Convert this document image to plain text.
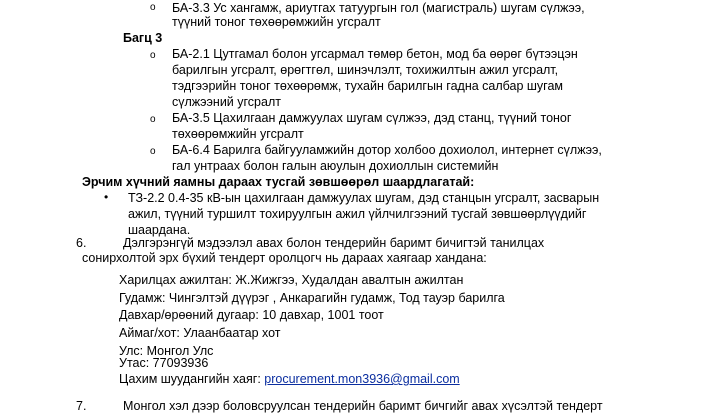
o БА-3.3 Ус хангамж, ариутгах татуургын гол (магистраль) шугам сүлжээ,
түүний тоног төхөөрөмжийн угсралт
Багц 3
o БА-2.1 Цутгамал болон угсармал төмөр бетон, мод ба өөрөг бүтээцэн
барилгын угсралт, өрөгтгөл, шинэчлэлт, тохижилтын ажил угсралт,
тэдгээрийн тоног төхөөрөмж, тухайн барилгын гадна салбар шугам
сүлжээний угсралт
o БА-3.5 Цахилгаан дамжуулах шугам сүлжээ, дэд станц, түүний тоног
төхөөрөмжийн угсралт
o БА-6.4 Барилга байгууламжийн дотор холбоо дохиолол, интернет сүлжээ,
гал унтраах болон галын аюулын дохиоллын системийн
Эрчим хүчний яамны дараах тусгай зөвшөөрөл шаардлагатай:
• ТЗ-2.2 0.4-35 кВ-ын цахилгаан дамжуулах шугам, дэд станцын угсралт, засварын
ажил, түүний туршилт тохируулгын ажил үйлчилгээний тусгай зөвшөөрлүүдийг
шаардана.
6.	Дэлгэрэнгүй мэдээлэл авах болон тендерийн баримт бичигтэй танилцах
сонирхолтой эрх бүхий тендерт оролцогч нь дараах хаягаар хандана:
Харилцах ажилтан: Ж.Жижгээ, Худалдан авалтын ажилтан
Гудамж: Чингэлтэй дүүрэг , Анкарагийн гудамж, Тод тауэр барилга
Давхар/өрөөний дугаар: 10 давхар, 1001 тоот
Аймаг/хот: Улаанбаатар хот
Улс: Монгол Улс
Утас: 77093936
Цахим шуудангийн хаяг: procurement.mon3936@gmail.com
7.	Монгол хэл дээр боловсруулсан тендерийн баримт бичгийг авах хүсэлтэй тендерт
